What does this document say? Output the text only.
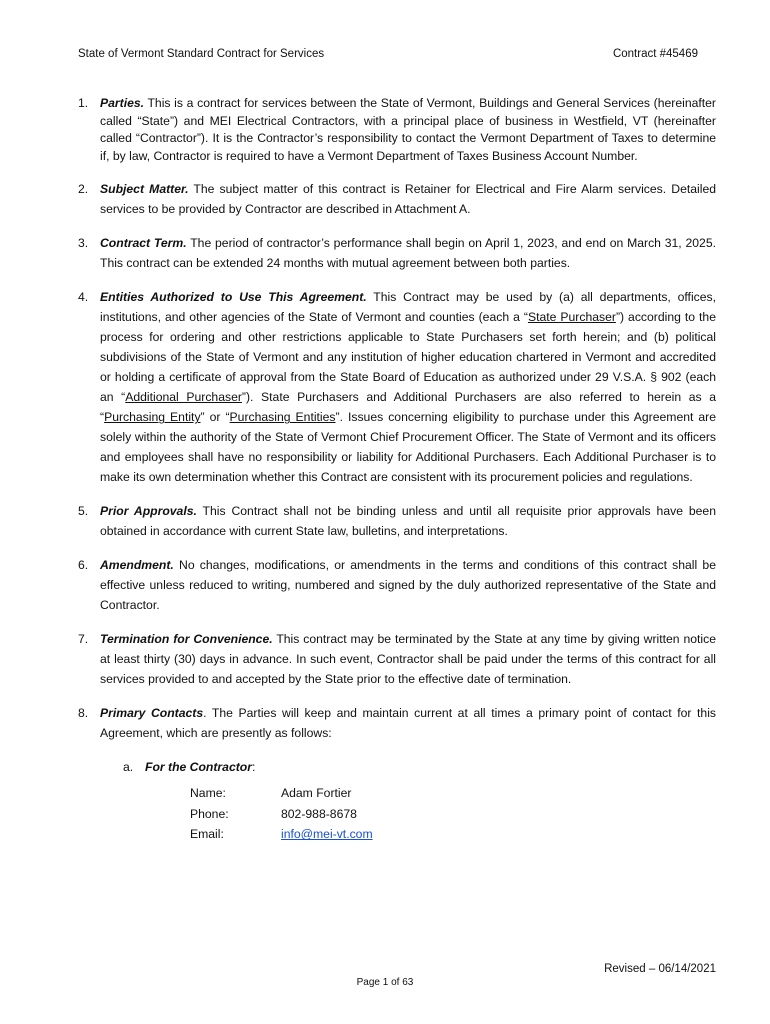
State of Vermont Standard Contract for Services	Contract #45469
1. Parties. This is a contract for services between the State of Vermont, Buildings and General Services (hereinafter called “State”) and MEI Electrical Contractors, with a principal place of business in Westfield, VT (hereinafter called “Contractor”). It is the Contractor’s responsibility to contact the Vermont Department of Taxes to determine if, by law, Contractor is required to have a Vermont Department of Taxes Business Account Number.
2. Subject Matter. The subject matter of this contract is Retainer for Electrical and Fire Alarm services. Detailed services to be provided by Contractor are described in Attachment A.
3. Contract Term. The period of contractor’s performance shall begin on April 1, 2023, and end on March 31, 2025. This contract can be extended 24 months with mutual agreement between both parties.
4. Entities Authorized to Use This Agreement. This Contract may be used by (a) all departments, offices, institutions, and other agencies of the State of Vermont and counties (each a “State Purchaser”) according to the process for ordering and other restrictions applicable to State Purchasers set forth herein; and (b) political subdivisions of the State of Vermont and any institution of higher education chartered in Vermont and accredited or holding a certificate of approval from the State Board of Education as authorized under 29 V.S.A. § 902 (each an “Additional Purchaser”). State Purchasers and Additional Purchasers are also referred to herein as a “Purchasing Entity” or “Purchasing Entities”. Issues concerning eligibility to purchase under this Agreement are solely within the authority of the State of Vermont Chief Procurement Officer. The State of Vermont and its officers and employees shall have no responsibility or liability for Additional Purchasers. Each Additional Purchaser is to make its own determination whether this Contract are consistent with its procurement policies and regulations.
5. Prior Approvals. This Contract shall not be binding unless and until all requisite prior approvals have been obtained in accordance with current State law, bulletins, and interpretations.
6. Amendment. No changes, modifications, or amendments in the terms and conditions of this contract shall be effective unless reduced to writing, numbered and signed by the duly authorized representative of the State and Contractor.
7. Termination for Convenience. This contract may be terminated by the State at any time by giving written notice at least thirty (30) days in advance. In such event, Contractor shall be paid under the terms of this contract for all services provided to and accepted by the State prior to the effective date of termination.
8. Primary Contacts. The Parties will keep and maintain current at all times a primary point of contact for this Agreement, which are presently as follows:
a. For the Contractor:
Name:	Adam Fortier
Phone:	802-988-8678
Email:	info@mei-vt.com
Revised – 06/14/2021
Page 1 of 63
